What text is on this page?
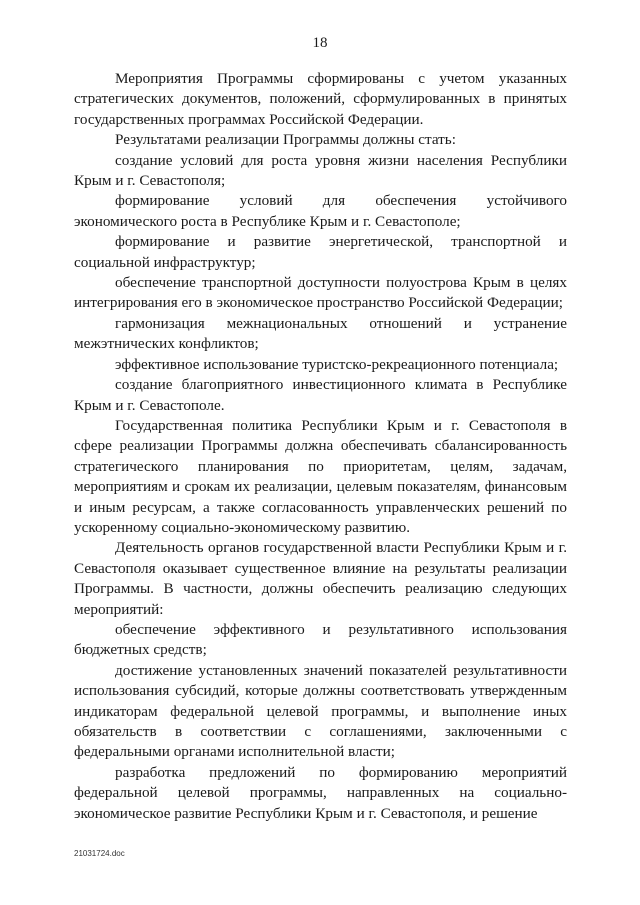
18

Мероприятия Программы сформированы с учетом указанных стратегических документов, положений, сформулированных в принятых государственных программах Российской Федерации.

Результатами реализации Программы должны стать:

создание условий для роста уровня жизни населения Республики Крым и г. Севастополя;

формирование условий для обеспечения устойчивого экономического роста в Республике Крым и г. Севастополе;

формирование и развитие энергетической, транспортной и социальной инфраструктур;

обеспечение транспортной доступности полуострова Крым в целях интегрирования его в экономическое пространство Российской Федерации;

гармонизация межнациональных отношений и устранение межэтнических конфликтов;

эффективное использование туристско-рекреационного потенциала;

создание благоприятного инвестиционного климата в Республике Крым и г. Севастополе.

Государственная политика Республики Крым и г. Севастополя в сфере реализации Программы должна обеспечивать сбалансированность стратегического планирования по приоритетам, целям, задачам, мероприятиям и срокам их реализации, целевым показателям, финансовым и иным ресурсам, а также согласованность управленческих решений по ускоренному социально-экономическому развитию.

Деятельность органов государственной власти Республики Крым и г. Севастополя оказывает существенное влияние на результаты реализации Программы. В частности, должны обеспечить реализацию следующих мероприятий:

обеспечение эффективного и результативного использования бюджетных средств;

достижение установленных значений показателей результативности использования субсидий, которые должны соответствовать утвержденным индикаторам федеральной целевой программы, и выполнение иных обязательств в соответствии с соглашениями, заключенными с федеральными органами исполнительной власти;

разработка предложений по формированию мероприятий федеральной целевой программы, направленных на социально-экономическое развитие Республики Крым и г. Севастополя, и решение

21031724.doc
